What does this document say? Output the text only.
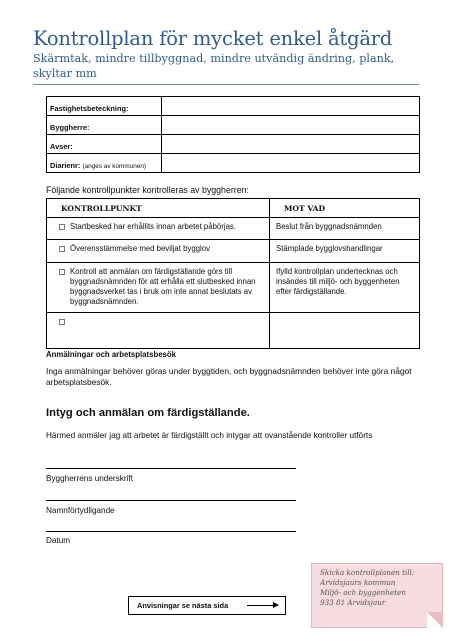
Kontrollplan för mycket enkel åtgärd
Skärmtak, mindre tillbyggnad, mindre utvändig ändring, plank, skyltar mm
Fastighetsbeteckning:	
Byggherre:	
Avser:	
Diarienr: (anges av kommunen)	
Följande kontrollpunkter kontrolleras av byggherren:
KONTROLLPUNKT	MOT VAD

Startbesked har erhållits innan arbetet påbörjas.	Beslut från byggnadsnämnden

Överensstämmelse med beviljat bygglov	Stämplade bygglovshandlingar

Kontroll att anmälan om färdigställande görs till byggnadsnämnden för att erhålla ett slutbesked innan byggnadsverket tas i bruk om inte annat beslutats av byggnadsnämnden.	Ifylld kontrollplan undertecknas och insändes till miljö- och byggenheten efter färdigställande.

Anmälningar och arbetsplatsbesök
Inga anmälningar behöver göras under byggtiden, och byggnadsnämnden behöver inte göra något arbetsplatsbesök.
Intyg och anmälan om färdigställande.
Härmed anmäler jag att arbetet är färdigställt och intygar att ovanstående kontroller utförts
Byggherrens underskrift
Namnförtydligande
Datum
Anvisningar se nästa sida
Skicka kontrollplanen till:
Arvidsjaurs kommun
Miljö- och byggenheten
933 81 Arvidsjaur
